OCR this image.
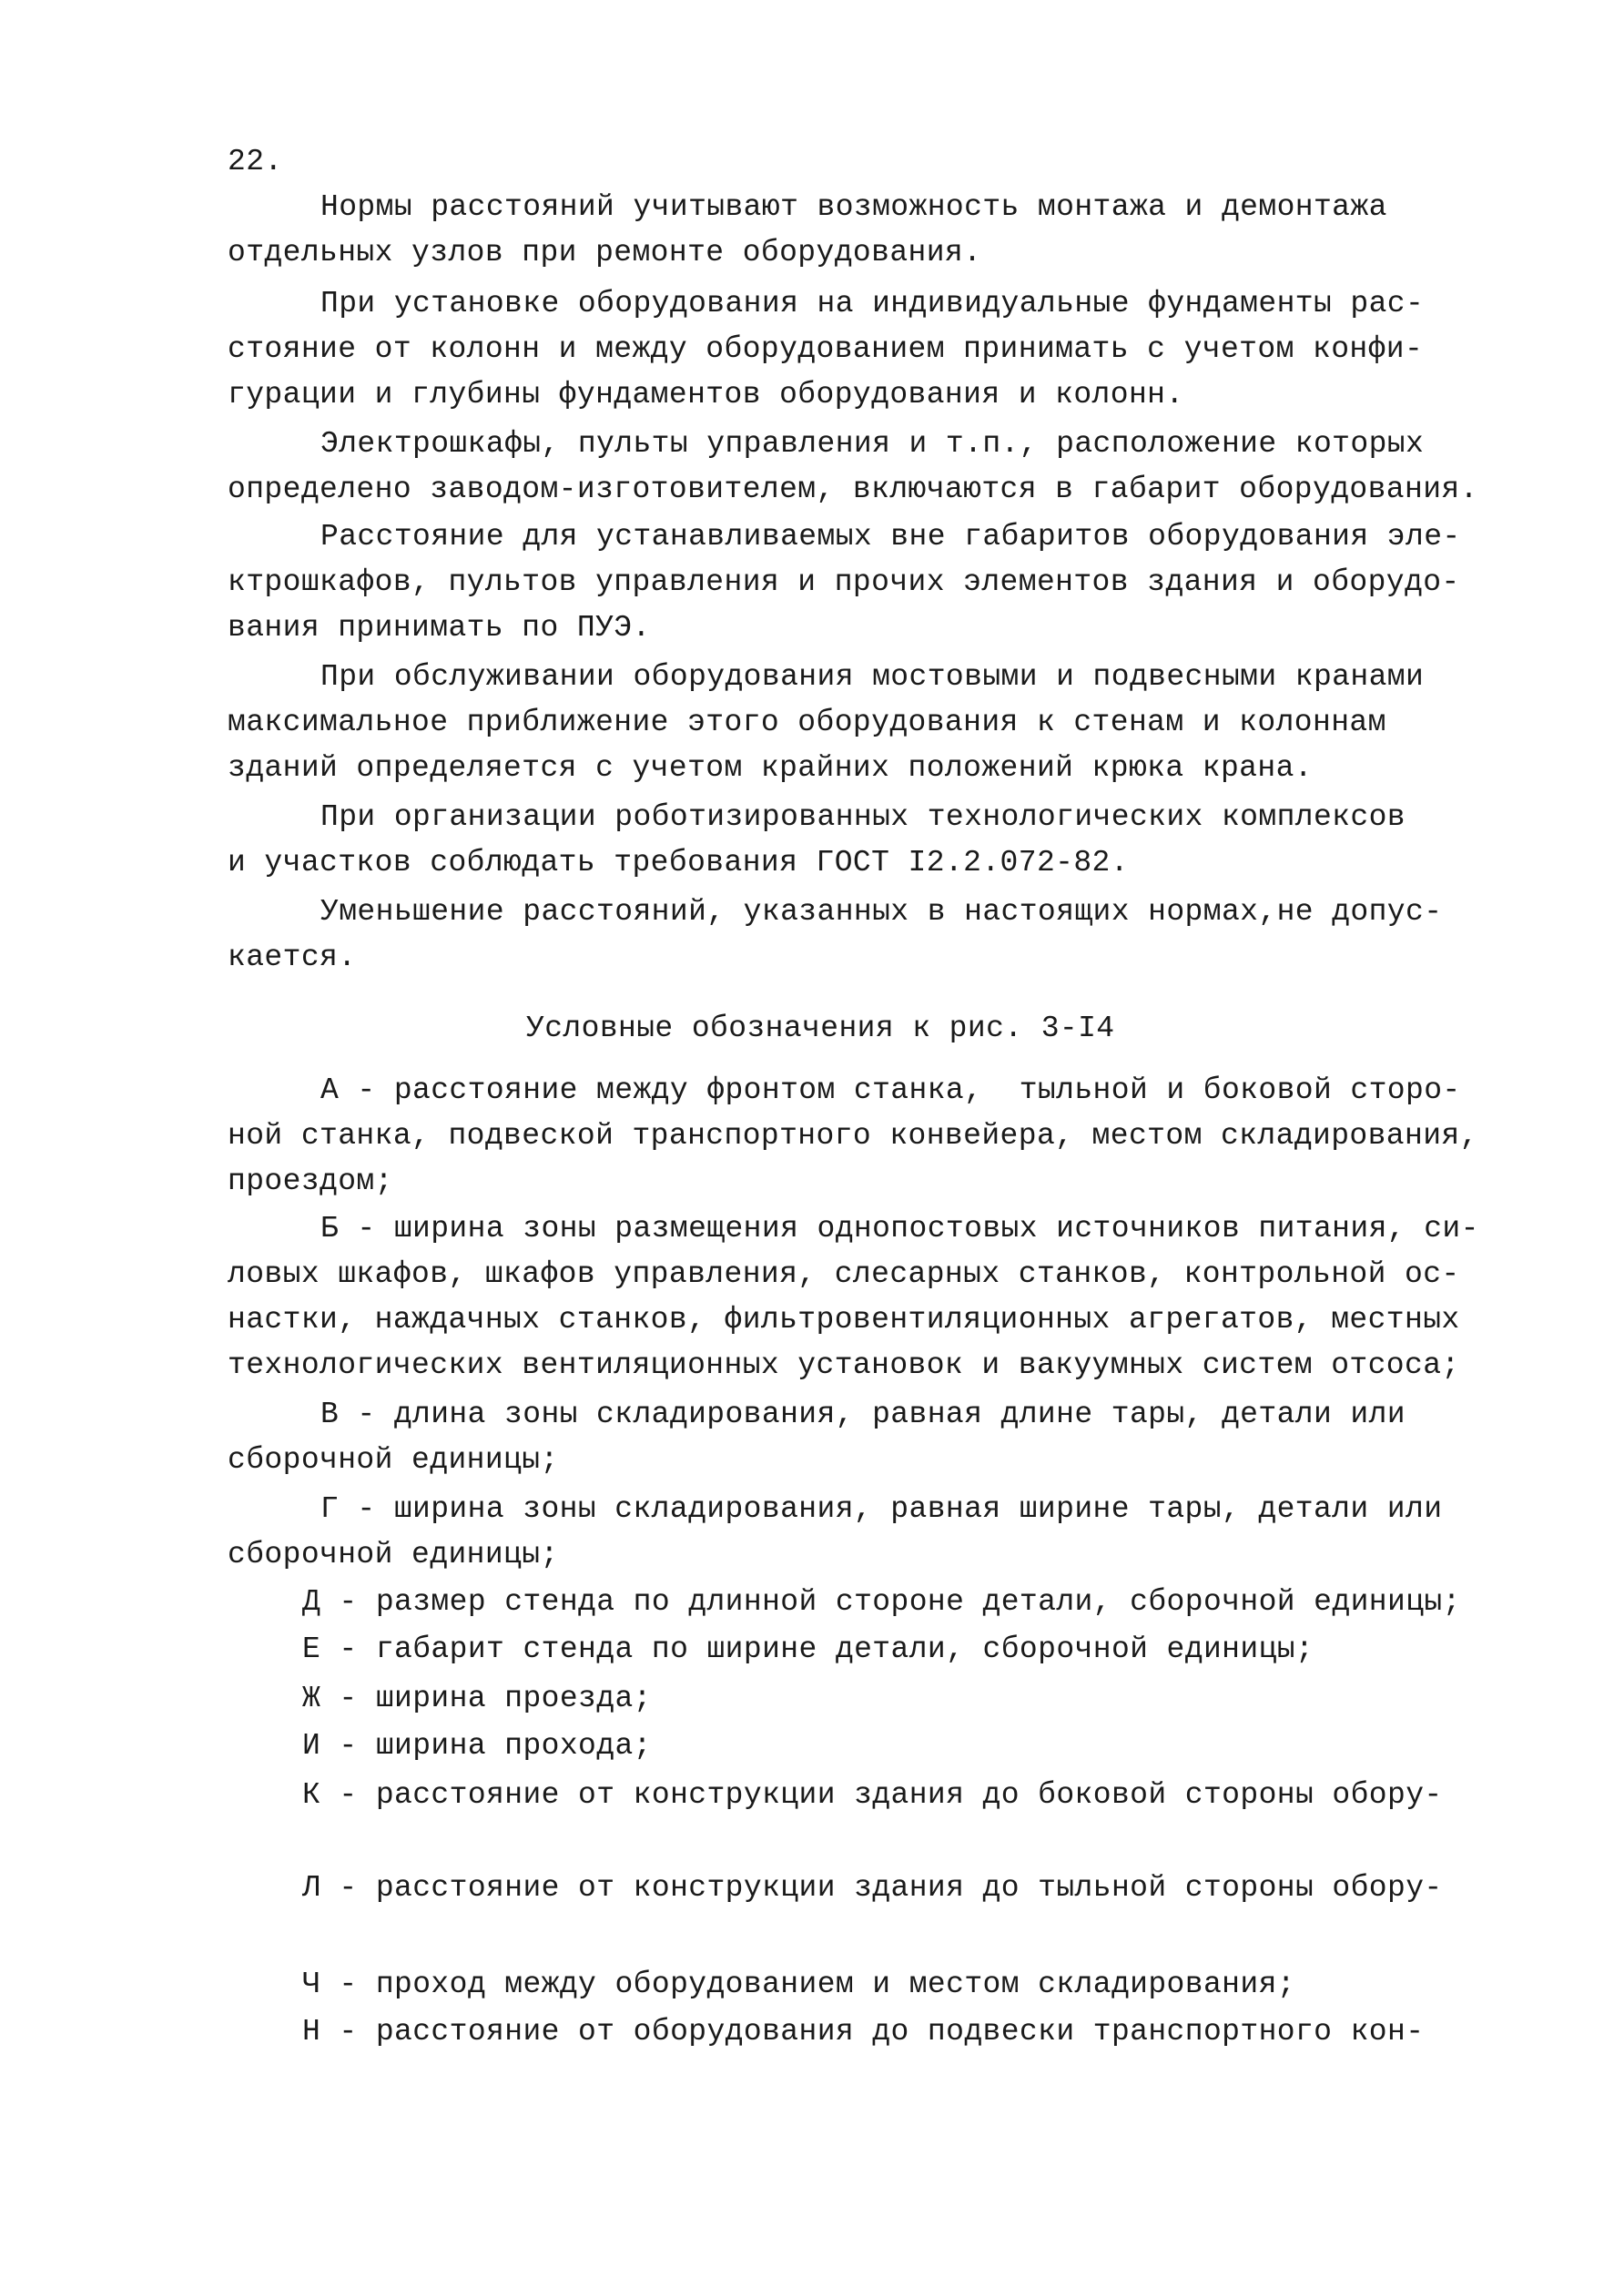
22.

Нормы расстояний учитывают возможность монтажа и демонтажа

отдельных узлов при ремонте оборудования.

При установке оборудования на индивидуальные фундаменты рас-

стояние от колонн и между оборудованием принимать с учетом конфи-

гурации и глубины фундаментов оборудования и колонн.

Электрошкафы, пульты управления и т.п., расположение которых

определено заводом-изготовителем, включаются в габарит оборудования.

Расстояние для устанавливаемых вне габаритов оборудования эле-

ктрошкафов, пультов управления и прочих элементов здания и оборудо-

вания принимать по ПУЭ.

При обслуживании оборудования мостовыми и подвесными кранами

максимальное приближение этого оборудования к стенам и колоннам

зданий определяется с учетом крайних положений крюка крана.

При организации роботизированных технологических комплексов

и участков соблюдать требования ГОСТ I2.2.072-82.

Уменьшение расстояний, указанных в настоящих нормах,не допус-

кается.

Условные обозначения к рис. 3-I4

А - расстояние между фронтом станка,  тыльной и боковой сторо-

ной станка, подвеской транспортного конвейера, местом складирования,

проездом;

Б - ширина зоны размещения однопостовых источников питания, си-

ловых шкафов, шкафов управления, слесарных станков, контрольной ос-

настки, наждачных станков, фильтровентиляционных агрегатов, местных

технологических вентиляционных установок и вакуумных систем отсоса;

В - длина зоны складирования, равная длине тары, детали или

сборочной единицы;

Г - ширина зоны складирования, равная ширине тары, детали или

сборочной единицы;

Д - размер стенда по длинной стороне детали, сборочной единицы;

Е - габарит стенда по ширине детали, сборочной единицы;

Ж - ширина проезда;

И - ширина прохода;

К - расстояние от конструкции здания до боковой стороны обору-

Л - расстояние от конструкции здания до тыльной стороны обору-

Ч - проход между оборудованием и местом складирования;

Н - расстояние от оборудования до подвески транспортного кон-
